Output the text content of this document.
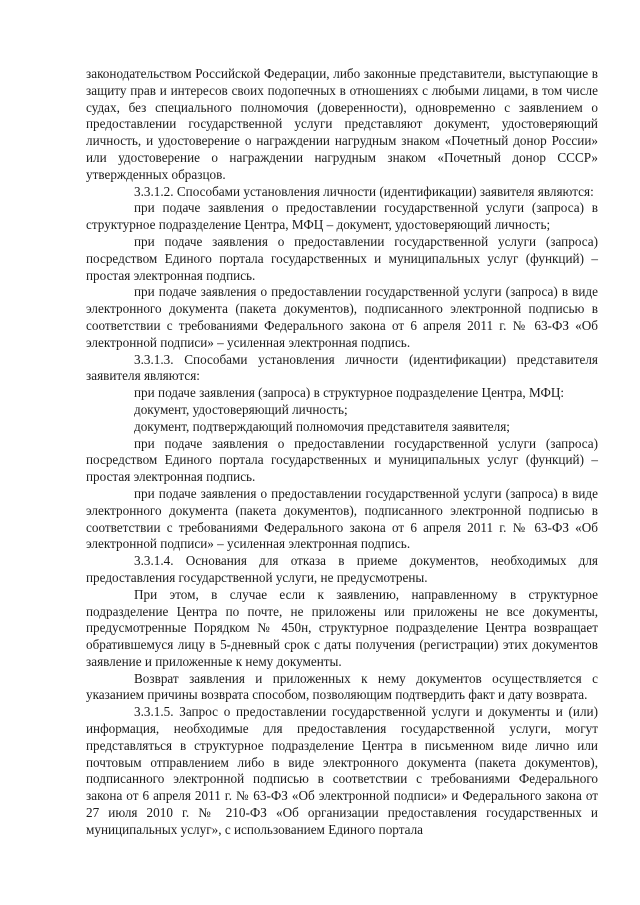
законодательством Российской Федерации, либо законные представители, выступающие в защиту прав и интересов своих подопечных в отношениях с любыми лицами, в том числе судах, без специального полномочия (доверенности), одновременно с заявлением о предоставлении государственной услуги представляют документ, удостоверяющий личность, и удостоверение о награждении нагрудным знаком «Почетный донор России» или удостоверение о награждении нагрудным знаком «Почетный донор СССР» утвержденных образцов.

3.3.1.2. Способами установления личности (идентификации) заявителя являются:

при подаче заявления о предоставлении государственной услуги (запроса) в структурное подразделение Центра, МФЦ – документ, удостоверяющий личность;

при подаче заявления о предоставлении государственной услуги (запроса) посредством Единого портала государственных и муниципальных услуг (функций) – простая электронная подпись.

при подаче заявления о предоставлении государственной услуги (запроса) в виде электронного документа (пакета документов), подписанного электронной подписью в соответствии с требованиями Федерального закона от 6 апреля 2011 г. № 63-ФЗ «Об электронной подписи» – усиленная электронная подпись.

3.3.1.3. Способами установления личности (идентификации) представителя заявителя являются:

при подаче заявления (запроса) в структурное подразделение Центра, МФЦ:

документ, удостоверяющий личность;

документ, подтверждающий полномочия представителя заявителя;

при подаче заявления о предоставлении государственной услуги (запроса) посредством Единого портала государственных и муниципальных услуг (функций) – простая электронная подпись.

при подаче заявления о предоставлении государственной услуги (запроса) в виде электронного документа (пакета документов), подписанного электронной подписью в соответствии с требованиями Федерального закона от 6 апреля 2011 г. № 63-ФЗ «Об электронной подписи» – усиленная электронная подпись.

3.3.1.4. Основания для отказа в приеме документов, необходимых для предоставления государственной услуги, не предусмотрены.

При этом, в случае если к заявлению, направленному в структурное подразделение Центра по почте, не приложены или приложены не все документы, предусмотренные Порядком № 450н, структурное подразделение Центра возвращает обратившемуся лицу в 5-дневный срок с даты получения (регистрации) этих документов заявление и приложенные к нему документы.

Возврат заявления и приложенных к нему документов осуществляется с указанием причины возврата способом, позволяющим подтвердить факт и дату возврата.

3.3.1.5. Запрос о предоставлении государственной услуги и документы и (или) информация, необходимые для предоставления государственной услуги, могут представляться в структурное подразделение Центра в письменном виде лично или почтовым отправлением либо в виде электронного документа (пакета документов), подписанного электронной подписью в соответствии с требованиями Федерального закона от 6 апреля 2011 г. № 63-ФЗ «Об электронной подписи» и Федерального закона от 27 июля 2010 г. № 210-ФЗ «Об организации предоставления государственных и муниципальных услуг», с использованием Единого портала
